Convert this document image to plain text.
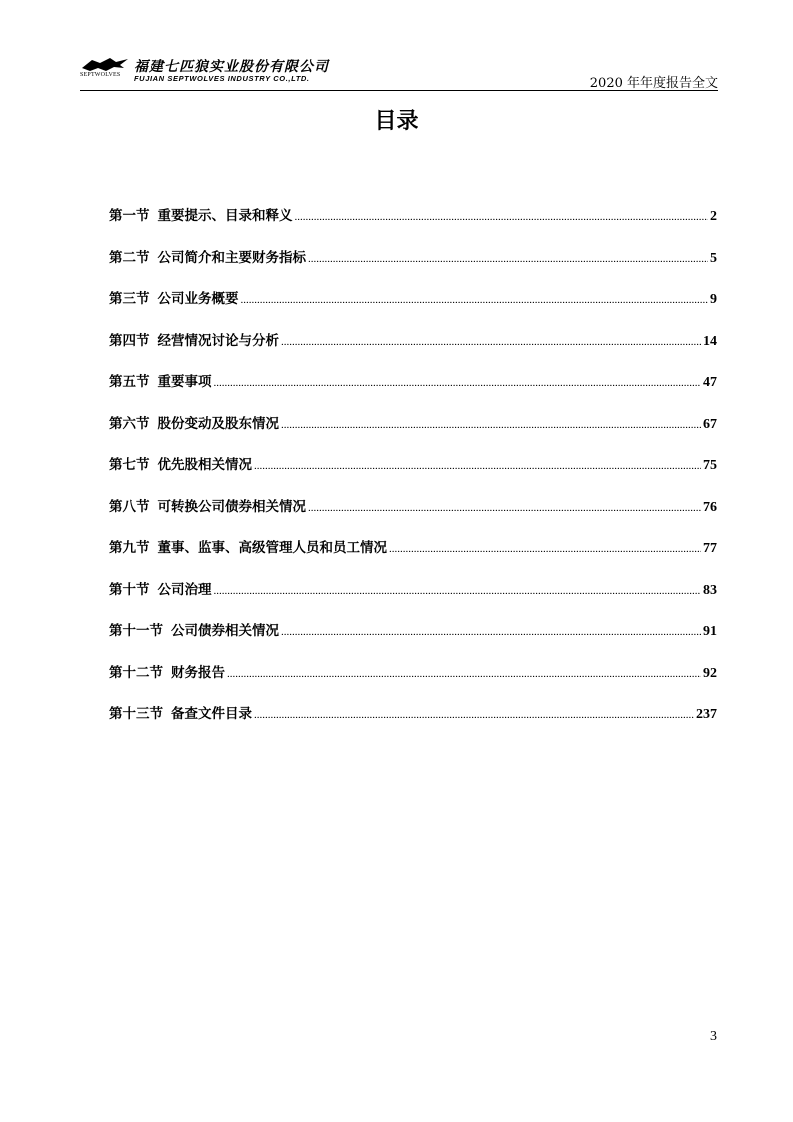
SEPTWOLVES 福建七匹狼实业股份有限公司
FUJIAN SEPTWOLVES INDUSTRY CO.,LTD.	2020 年年度报告全文
目录
第一节 重要提示、目录和释义 .....	2
第二节 公司简介和主要财务指标 .....	5
第三节 公司业务概要 .....	9
第四节 经营情况讨论与分析 .....	14
第五节 重要事项 .....	47
第六节 股份变动及股东情况 .....	67
第七节 优先股相关情况 .....	75
第八节 可转换公司债券相关情况 .....	76
第九节 董事、监事、高级管理人员和员工情况 .....	77
第十节 公司治理 .....	83
第十一节 公司债券相关情况 .....	91
第十二节 财务报告 .....	92
第十三节 备查文件目录 .....	237
3
